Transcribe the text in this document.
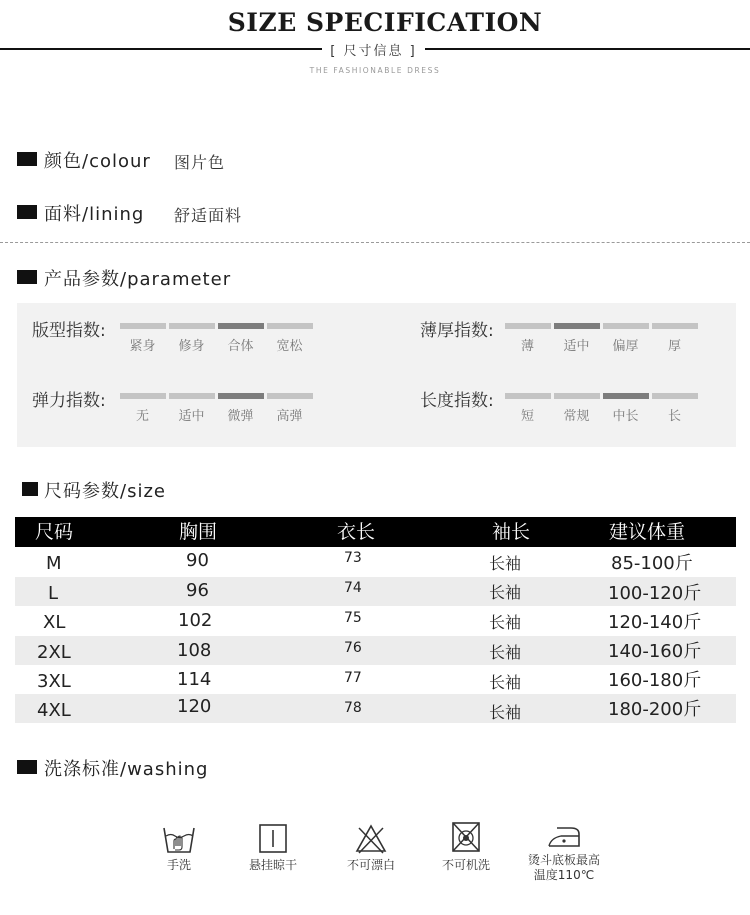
SIZE SPECIFICATION
[ 尺寸信息 ]
THE FASHIONABLE DRESS
颜色/colour 图片色
面料/lining 舒适面料
产品参数/parameter
版型指数:
紧身 修身 合体 宽松
薄厚指数:
薄 适中 偏厚 厚
弹力指数:
无 适中 微弹 高弹
长度指数:
短 常规 中长 长
尺码参数/size
尺码	胸围	衣长	袖长	建议体重
M	90	73	长袖	85-100斤
L	96	74	长袖	100-120斤
XL	102	75	长袖	120-140斤
2XL	108	76	长袖	140-160斤
3XL	114	77	长袖	160-180斤
4XL	120	78	长袖	180-200斤
洗涤标准/washing
手洗	悬挂晾干	不可漂白	不可机洗	烫斗底板最高
温度110℃
